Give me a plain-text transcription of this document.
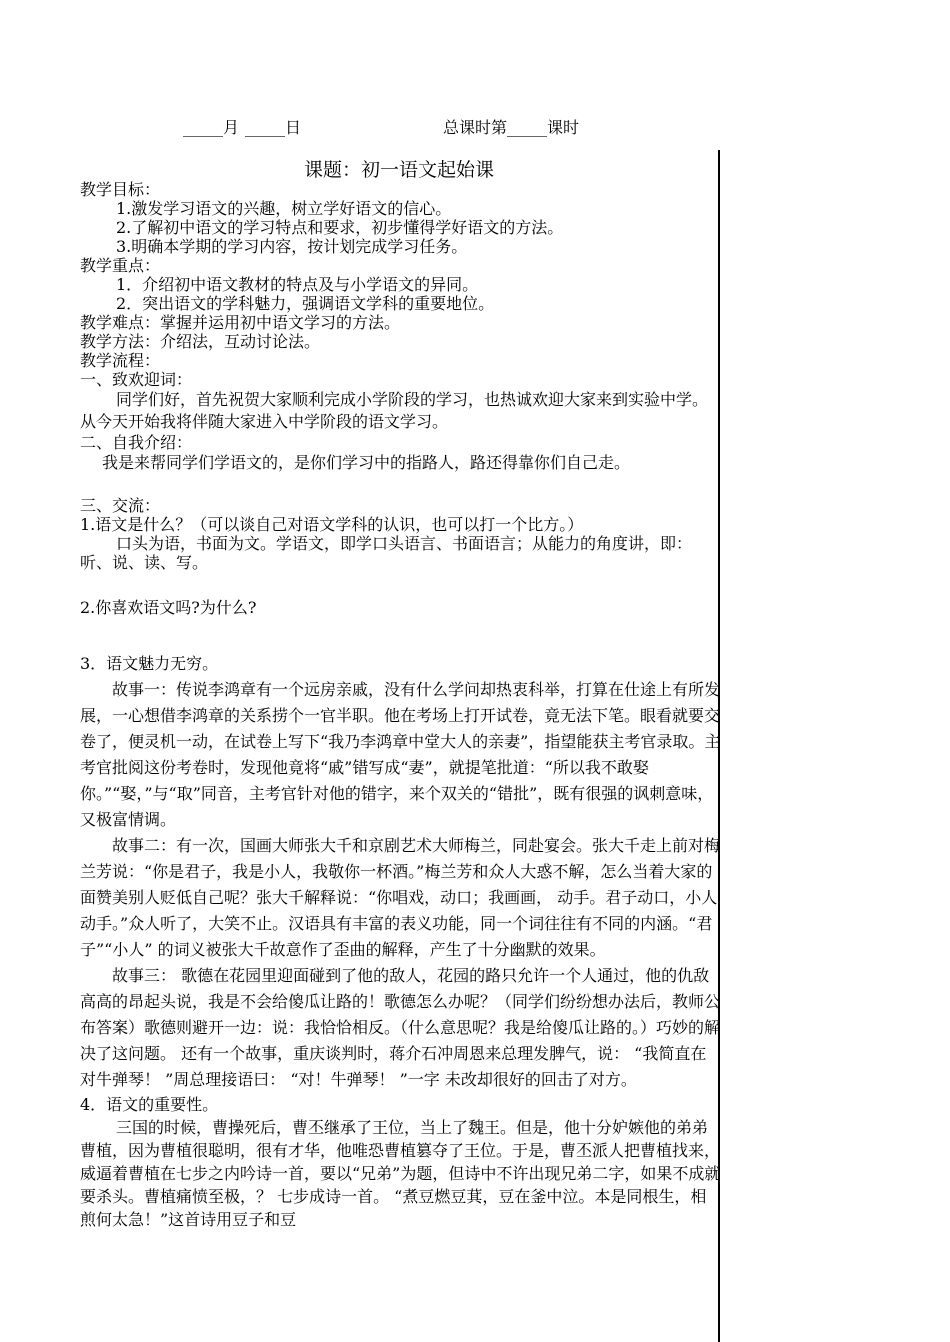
_____月 _____日	总课时第_____课时
课题：初一语文起始课

教学目标：

1.激发学习语文的兴趣，树立学好语文的信心。

2.了解初中语文的学习特点和要求，初步懂得学好语文的方法。

3.明确本学期的学习内容，按计划完成学习任务。

教学重点：

1．介绍初中语文教材的特点及与小学语文的异同。

2．突出语文的学科魅力，强调语文学科的重要地位。

教学难点：掌握并运用初中语文学习的方法。

教学方法：介绍法，互动讨论法。

教学流程：

一、致欢迎词：

同学们好，首先祝贺大家顺利完成小学阶段的学习，也热诚欢迎大家来到实验中学。从今天开始我将伴随大家进入中学阶段的语文学习。

二、自我介绍：

我是来帮同学们学语文的，是你们学习中的指路人，路还得靠你们自己走。

三、交流：

1.语文是什么？（可以谈自己对语文学科的认识，也可以打一个比方。）

口头为语，书面为文。学语文，即学口头语言、书面语言；从能力的角度讲，即：听、说、读、写。

2.你喜欢语文吗?为什么?

3．语文魅力无穷。

故事一：传说李鸿章有一个远房亲戚，没有什么学问却热衷科举，打算在仕途上有所发展，一心想借李鸿章的关系捞个一官半职。他在考场上打开试卷，竟无法下笔。眼看就要交卷了，便灵机一动，在试卷上写下“我乃李鸿章中堂大人的亲妻”，指望能获主考官录取。主考官批阅这份考卷时，发现他竟将“戚”错写成“妻”，就提笔批道：“所以我不敢娶你。”“娶，”与“取”同音，主考官针对他的错字，来个双关的“错批”，既有很强的讽刺意味，又极富情调。

故事二：有一次，国画大师张大千和京剧艺术大师梅兰，同赴宴会。张大千走上前对梅兰芳说：“你是君子，我是小人，我敬你一杯酒。”梅兰芳和众人大惑不解，怎么当着大家的面赞美别人贬低自己呢？张大千解释说：“你唱戏，动口；我画画， 动手。君子动口，小人动手。”众人听了，大笑不止。汉语具有丰富的表义功能，同一个词往往有不同的内涵。“君子”“小人” 的词义被张大千故意作了歪曲的解释，产生了十分幽默的效果。

故事三： 歌德在花园里迎面碰到了他的敌人，花园的路只允许一个人通过，他的仇敌高高的昂起头说，我是不会给傻瓜让路的！歌德怎么办呢？（同学们纷纷想办法后，教师公布答案）歌德则避开一边：说：我恰恰相反。（什么意思呢？我是给傻瓜让路的。）巧妙的解决了这问题。 还有一个故事，重庆谈判时，蒋介石冲周恩来总理发脾气，说： “我简直在对牛弹琴！ ”周总理接语曰： “对！牛弹琴！ ”一字 未改却很好的回击了对方。

4．语文的重要性。

三国的时候，曹操死后，曹丕继承了王位，当上了魏王。但是，他十分妒嫉他的弟弟曹植，因为曹植很聪明，很有才华，他唯恐曹植篡夺了王位。于是，曹丕派人把曹植找来，威逼着曹植在七步之内吟诗一首，要以“兄弟”为题，但诗中不许出现兄弟二字，如果不成就要杀头。曹植痛愤至极，？ 七步成诗一首。 “煮豆燃豆萁，豆在釜中泣。本是同根生，相煎何太急！”这首诗用豆子和豆
